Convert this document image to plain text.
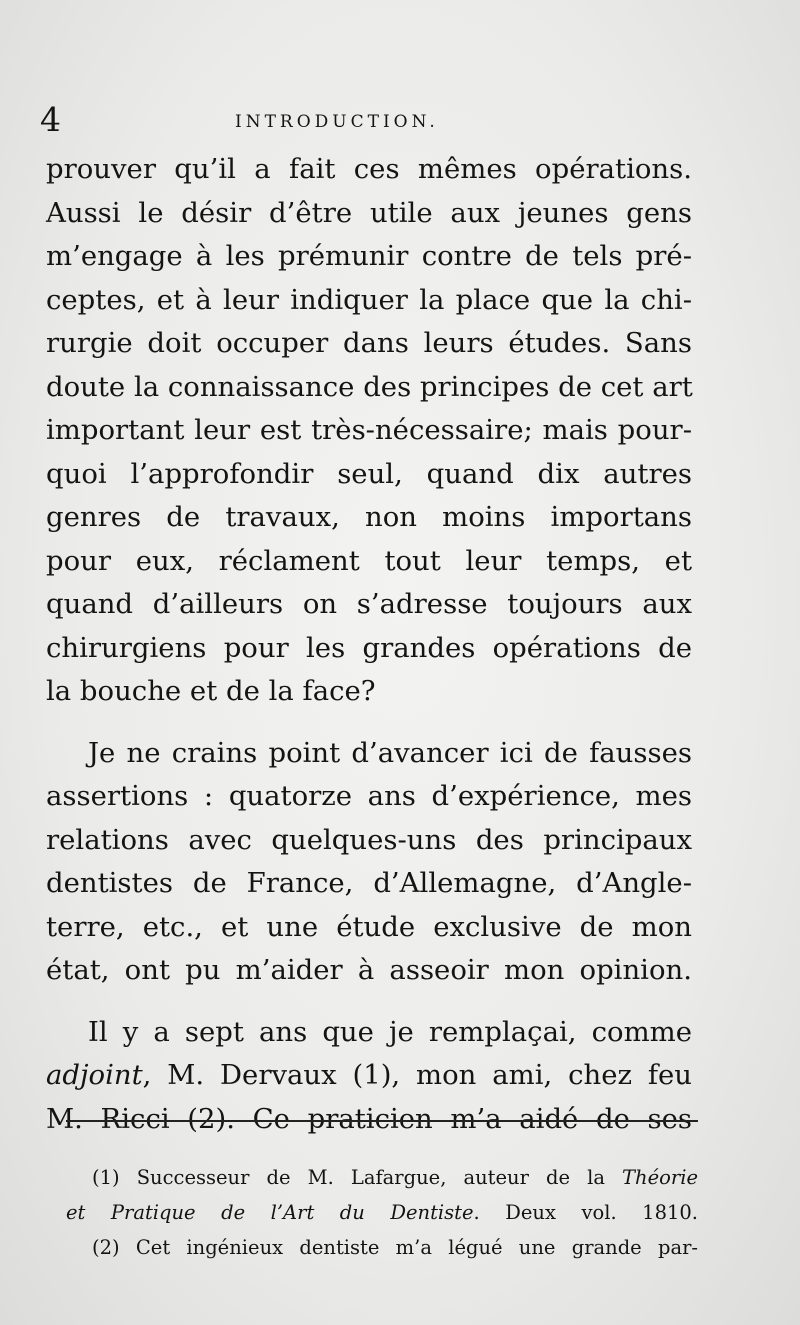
4	INTRODUCTION.

prouver qu’il a fait ces mêmes opérations.
Aussi le désir d’être utile aux jeunes gens
m’engage à les prémunir contre de tels pré-
ceptes, et à leur indiquer la place que la chi-
rurgie doit occuper dans leurs études. Sans
doute la connaissance des principes de cet art
important leur est très-nécessaire; mais pour-
quoi l’approfondir seul, quand dix autres
genres de travaux, non moins importans
pour eux, réclament tout leur temps, et
quand d’ailleurs on s’adresse toujours aux
chirurgiens pour les grandes opérations de
la bouche et de la face?

Je ne crains point d’avancer ici de fausses
assertions : quatorze ans d’expérience, mes
relations avec quelques-uns des principaux
dentistes de France, d’Allemagne, d’Angle-
terre, etc., et une étude exclusive de mon
état, ont pu m’aider à asseoir mon opinion.

Il y a sept ans que je remplaçai, comme
adjoint, M. Dervaux (1), mon ami, chez feu
M. Ricci (2). Ce praticien m’a aidé de ses

(1) Successeur de M. Lafargue, auteur de la Théorie
et Pratique de l’Art du Dentiste. Deux vol. 1810.
(2) Cet ingénieux dentiste m’a légué une grande par-
